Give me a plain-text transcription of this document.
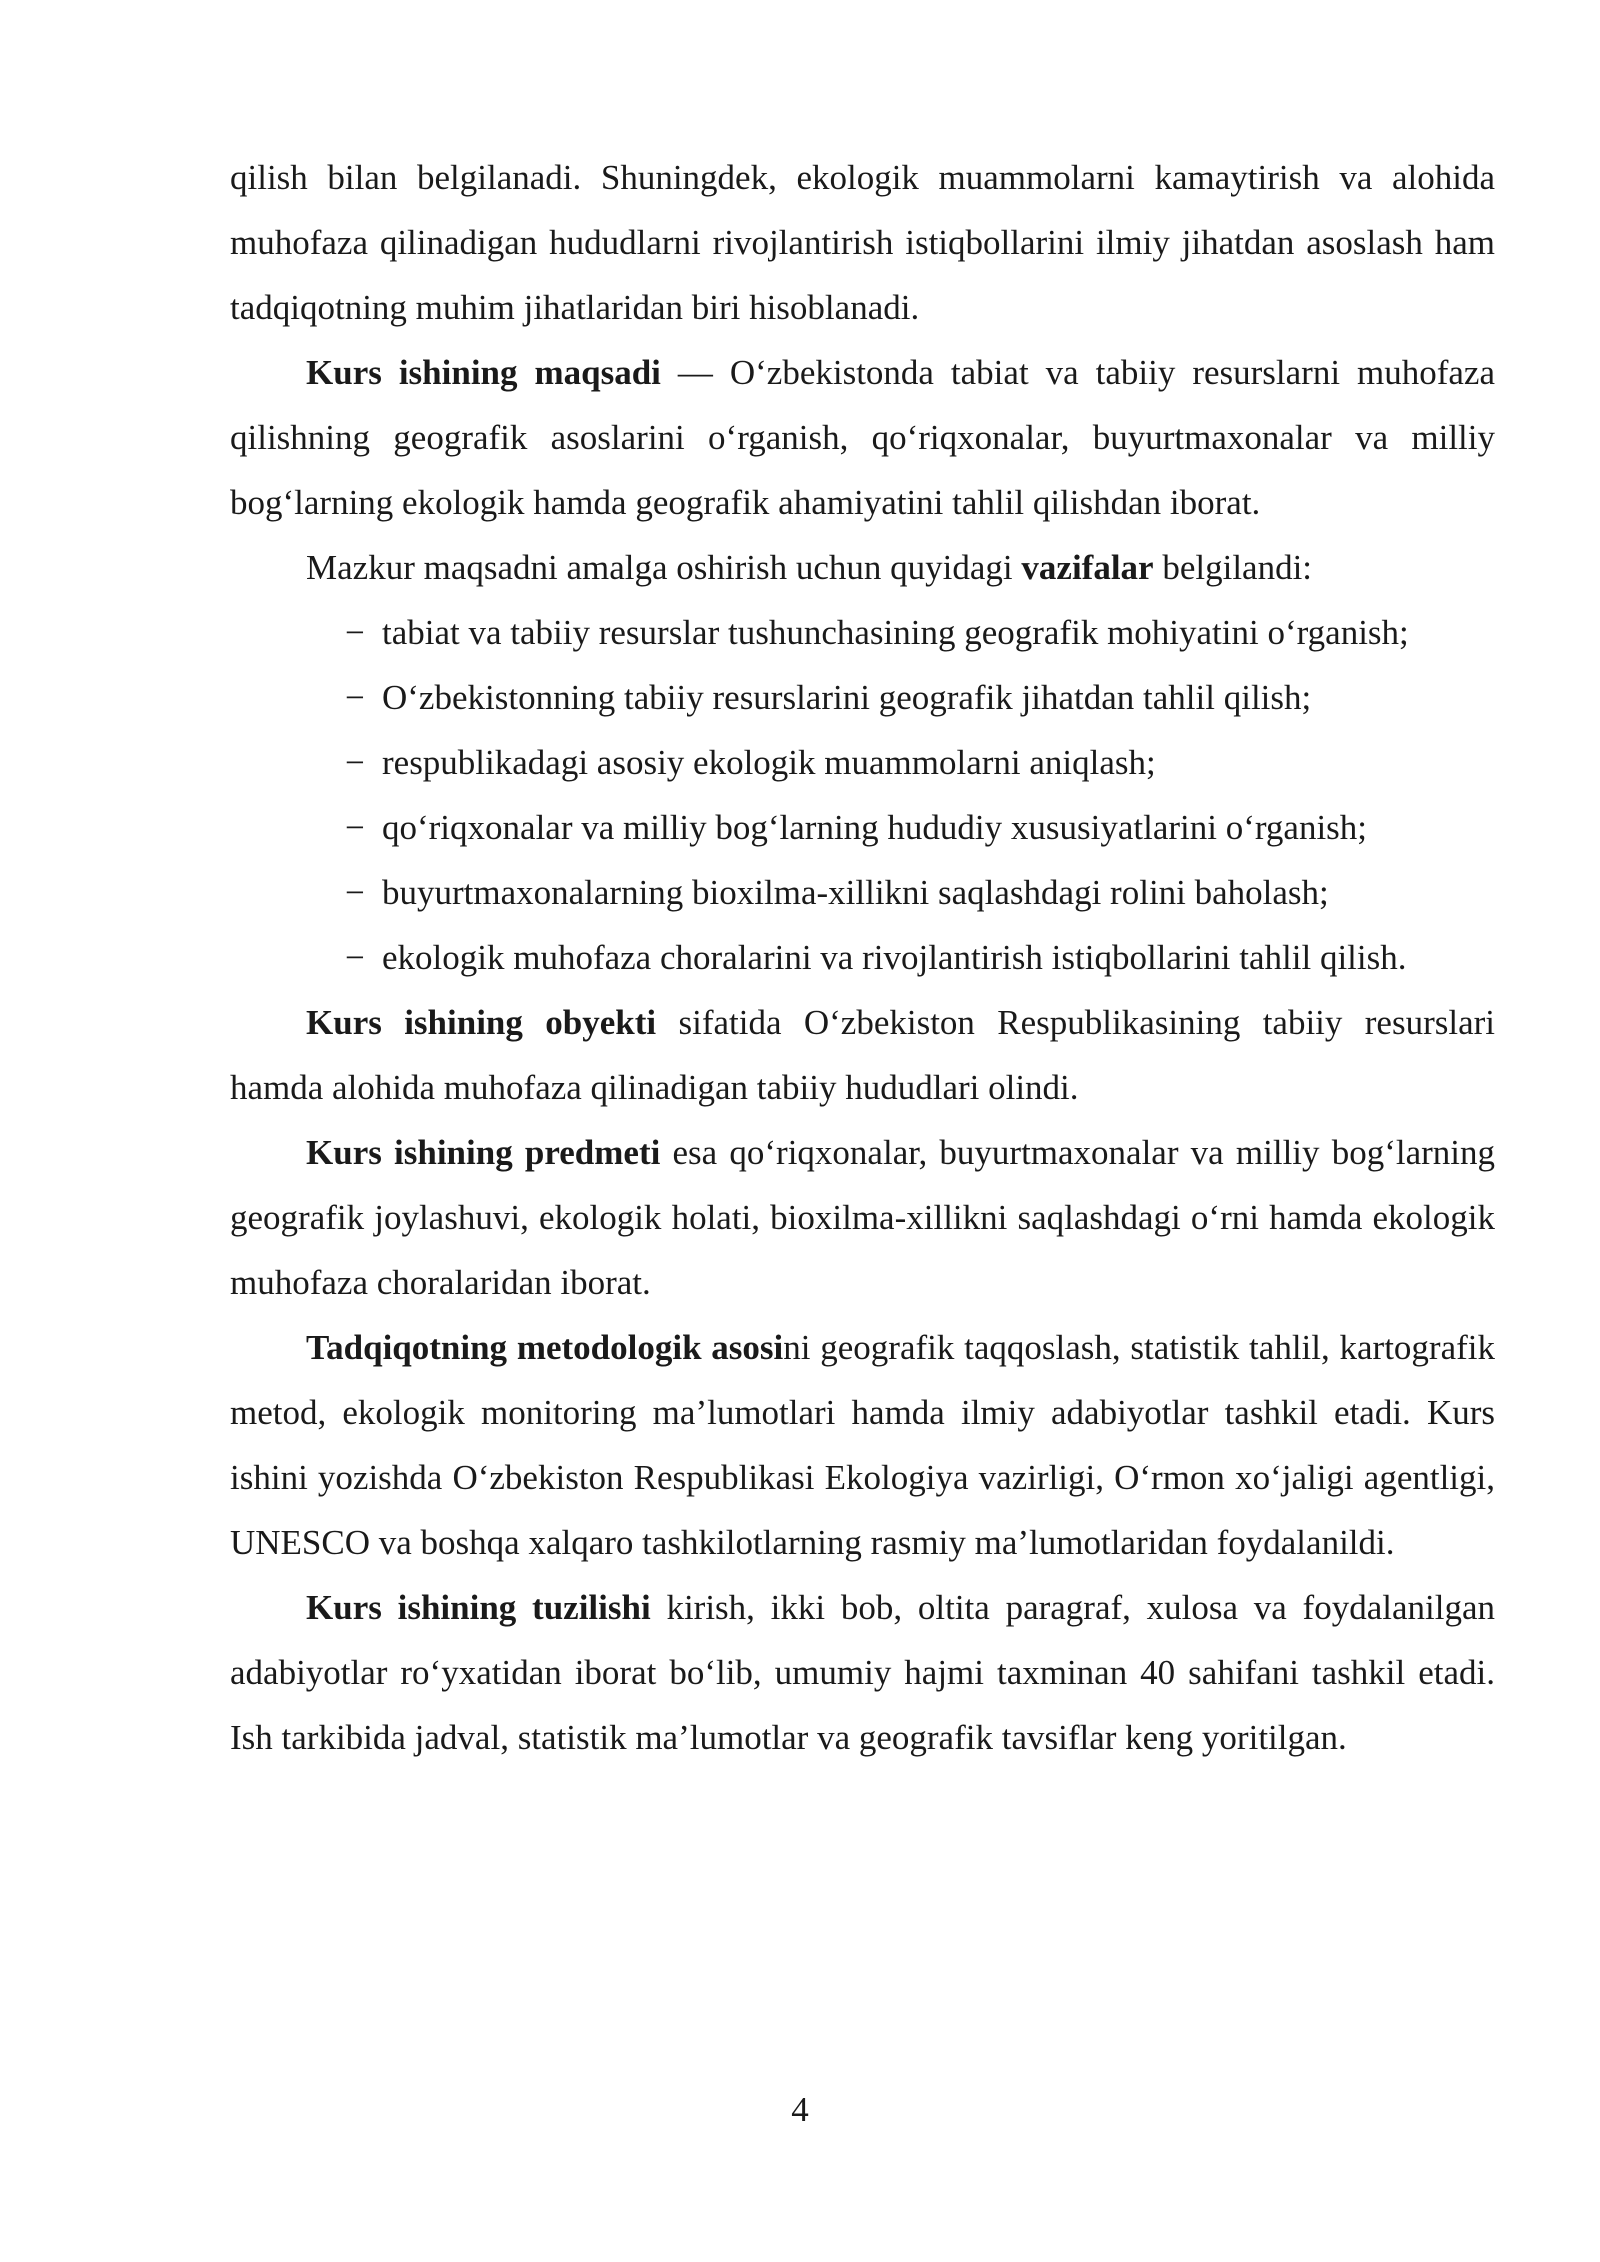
qilish bilan belgilanadi. Shuningdek, ekologik muammolarni kamaytirish va alohida muhofaza qilinadigan hududlarni rivojlantirish istiqbollarini ilmiy jihatdan asoslash ham tadqiqotning muhim jihatlaridan biri hisoblanadi.

Kurs ishining maqsadi — O‘zbekistonda tabiat va tabiiy resurslarni muhofaza qilishning geografik asoslarini o‘rganish, qo‘riqxonalar, buyurtmaxonalar va milliy bog‘larning ekologik hamda geografik ahamiyatini tahlil qilishdan iborat.

Mazkur maqsadni amalga oshirish uchun quyidagi vazifalar belgilandi:

− tabiat va tabiiy resurslar tushunchasining geografik mohiyatini o‘rganish;
− O‘zbekistonning tabiiy resurslarini geografik jihatdan tahlil qilish;
− respublikadagi asosiy ekologik muammolarni aniqlash;
− qo‘riqxonalar va milliy bog‘larning hududiy xususiyatlarini o‘rganish;
− buyurtmaxonalarning bioxilma-xillikni saqlashdagi rolini baholash;
− ekologik muhofaza choralarini va rivojlantirish istiqbollarini tahlil qilish.

Kurs ishining obyekti sifatida O‘zbekiston Respublikasining tabiiy resurslari hamda alohida muhofaza qilinadigan tabiiy hududlari olindi.

Kurs ishining predmeti esa qo‘riqxonalar, buyurtmaxonalar va milliy bog‘larning geografik joylashuvi, ekologik holati, bioxilma-xillikni saqlashdagi o‘rni hamda ekologik muhofaza choralaridan iborat.

Tadqiqotning metodologik asosini geografik taqqoslash, statistik tahlil, kartografik metod, ekologik monitoring ma’lumotlari hamda ilmiy adabiyotlar tashkil etadi. Kurs ishini yozishda O‘zbekiston Respublikasi Ekologiya vazirligi, O‘rmon xo‘jaligi agentligi, UNESCO va boshqa xalqaro tashkilotlarning rasmiy ma’lumotlaridan foydalanildi.

Kurs ishining tuzilishi kirish, ikki bob, oltita paragraf, xulosa va foydalanilgan adabiyotlar ro‘yxatidan iborat bo‘lib, umumiy hajmi taxminan 40 sahifani tashkil etadi. Ish tarkibida jadval, statistik ma’lumotlar va geografik tavsiflar keng yoritilgan.

4
